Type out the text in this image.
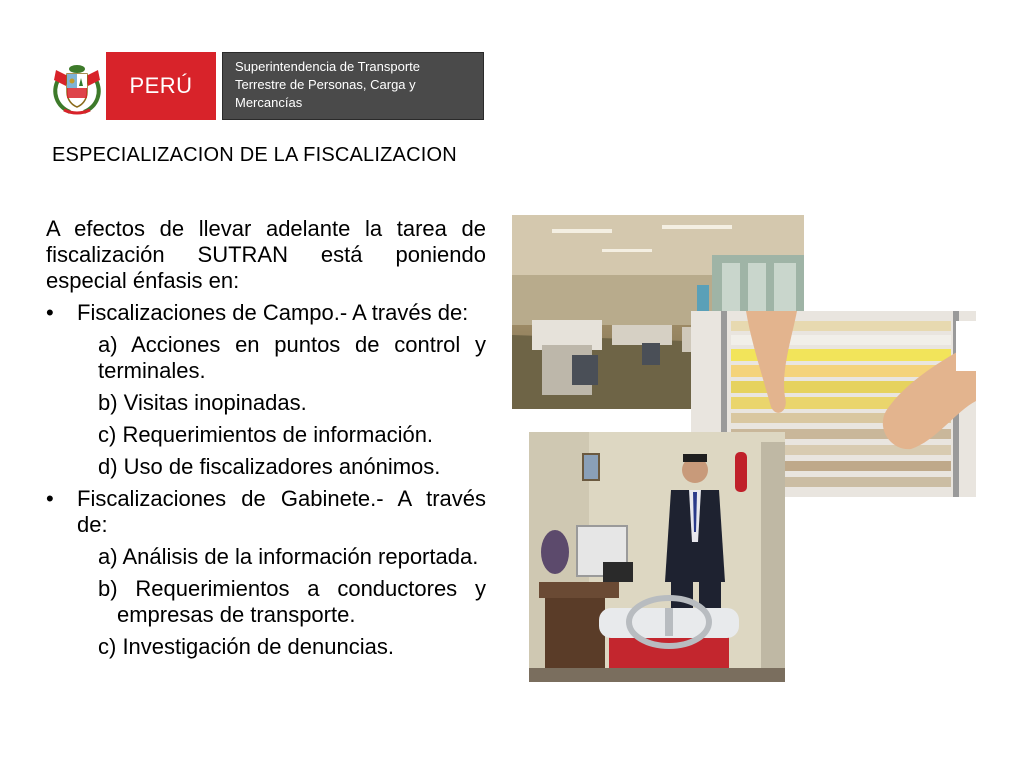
PERÚ
Superintendencia de Transporte
Terrestre de Personas, Carga y
Mercancías
ESPECIALIZACION DE LA FISCALIZACION

A efectos de llevar adelante la tarea de fiscalización SUTRAN está poniendo especial énfasis en:

• Fiscalizaciones de Campo.- A través de:

a) Acciones en puntos de control y terminales.

b) Visitas inopinadas.

c) Requerimientos de información.

d) Uso de fiscalizadores anónimos.

• Fiscalizaciones de Gabinete.- A través de:

a) Análisis de la información reportada.

b) Requerimientos a conductores y empresas de transporte.

c) Investigación de denuncias.
